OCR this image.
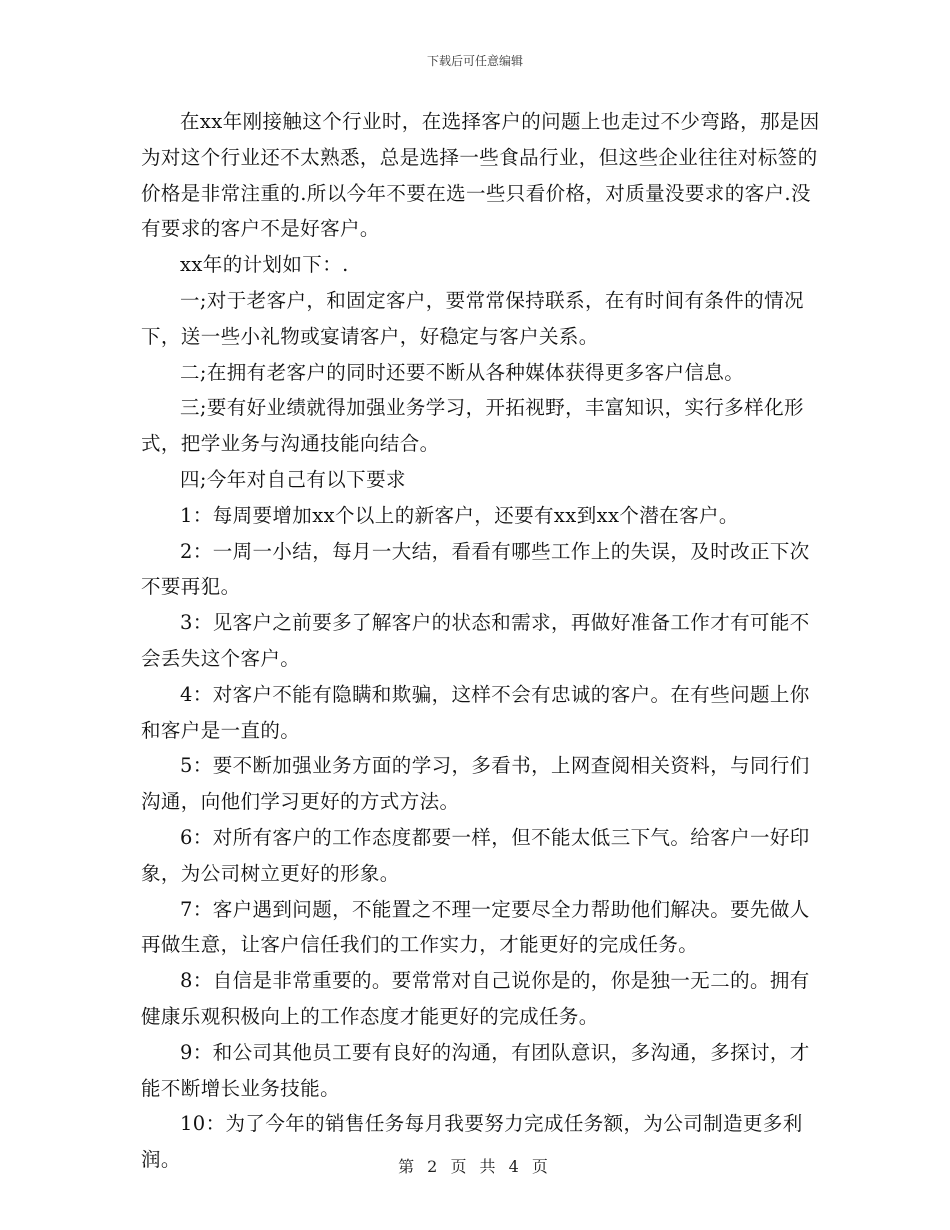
下载后可任意编辑

在xx年刚接触这个行业时，在选择客户的问题上也走过不少弯路，那是因为对这个行业还不太熟悉，总是选择一些食品行业，但这些企业往往对标签的价格是非常注重的.所以今年不要在选一些只看价格，对质量没要求的客户.没有要求的客户不是好客户。

xx年的计划如下：.

一;对于老客户，和固定客户，要常常保持联系，在有时间有条件的情况下，送一些小礼物或宴请客户，好稳定与客户关系。

二;在拥有老客户的同时还要不断从各种媒体获得更多客户信息。

三;要有好业绩就得加强业务学习，开拓视野，丰富知识，实行多样化形式，把学业务与沟通技能向结合。

四;今年对自己有以下要求

1：每周要增加xx个以上的新客户，还要有xx到xx个潜在客户。

2：一周一小结，每月一大结，看看有哪些工作上的失误，及时改正下次不要再犯。

3：见客户之前要多了解客户的状态和需求，再做好准备工作才有可能不会丢失这个客户。

4：对客户不能有隐瞒和欺骗，这样不会有忠诚的客户。在有些问题上你和客户是一直的。

5：要不断加强业务方面的学习，多看书，上网查阅相关资料，与同行们沟通，向他们学习更好的方式方法。

6：对所有客户的工作态度都要一样，但不能太低三下气。给客户一好印象，为公司树立更好的形象。

7：客户遇到问题，不能置之不理一定要尽全力帮助他们解决。要先做人再做生意，让客户信任我们的工作实力，才能更好的完成任务。

8：自信是非常重要的。要常常对自己说你是的，你是独一无二的。拥有健康乐观积极向上的工作态度才能更好的完成任务。

9：和公司其他员工要有良好的沟通，有团队意识，多沟通，多探讨，才能不断增长业务技能。

10：为了今年的销售任务每月我要努力完成任务额，为公司制造更多利润。	第 2 页 共 4 页
